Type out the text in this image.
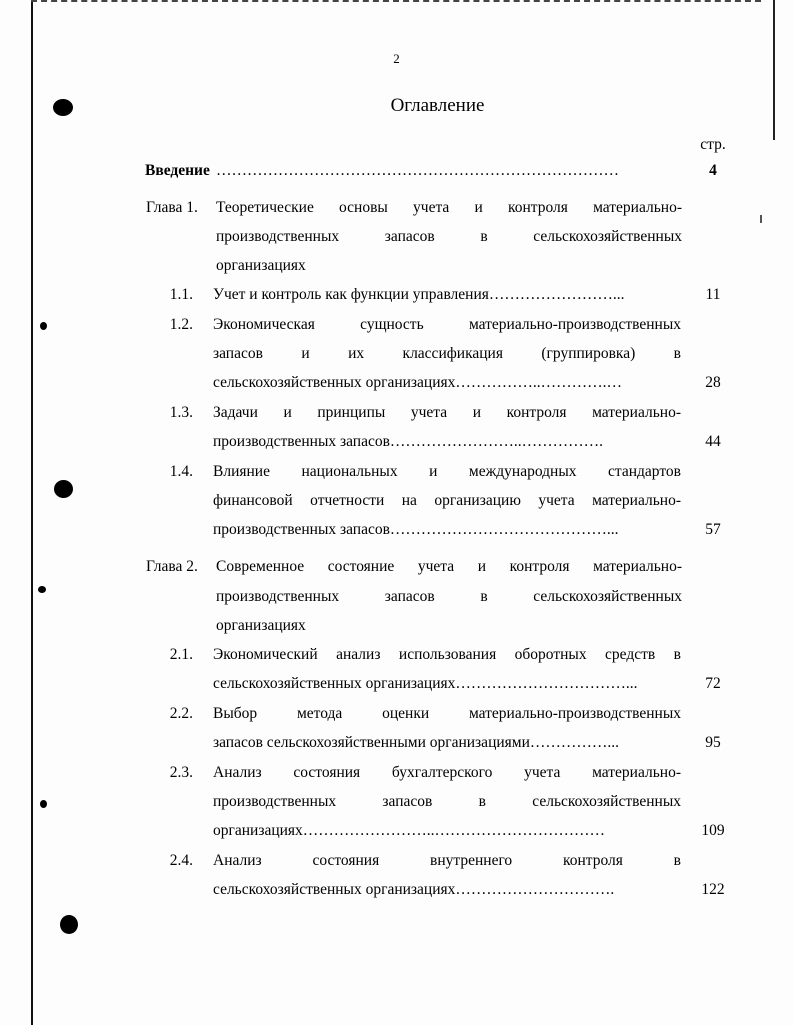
2
Оглавление
стр.
Введение ……………………………………………………………………	4
Глава 1. Теоретические основы учета и контроля материально-
производственных запасов в сельскохозяйственных
организациях
1.1. Учет и контроль как функции управления……………………...	11
1.2. Экономическая сущность материально-производственных
запасов и их классификация (группировка) в
сельскохозяйственных организациях……………..………….…	28
1.3. Задачи и принципы учета и контроля материально-
производственных запасов……………………..…………….	44
1.4. Влияние национальных и международных стандартов
финансовой отчетности на организацию учета материально-
производственных запасов……………………………………...	57
Глава 2. Современное состояние учета и контроля материально-
производственных запасов в сельскохозяйственных
организациях
2.1. Экономический анализ использования оборотных средств в
сельскохозяйственных организациях……………………………...	72
2.2. Выбор метода оценки материально-производственных
запасов сельскохозяйственными организациями……………...	95
2.3. Анализ состояния бухгалтерского учета материально-
производственных запасов в сельскохозяйственных
организациях……………………..……………………………	109
2.4. Анализ состояния внутреннего контроля в
сельскохозяйственных организациях………………………….	122
